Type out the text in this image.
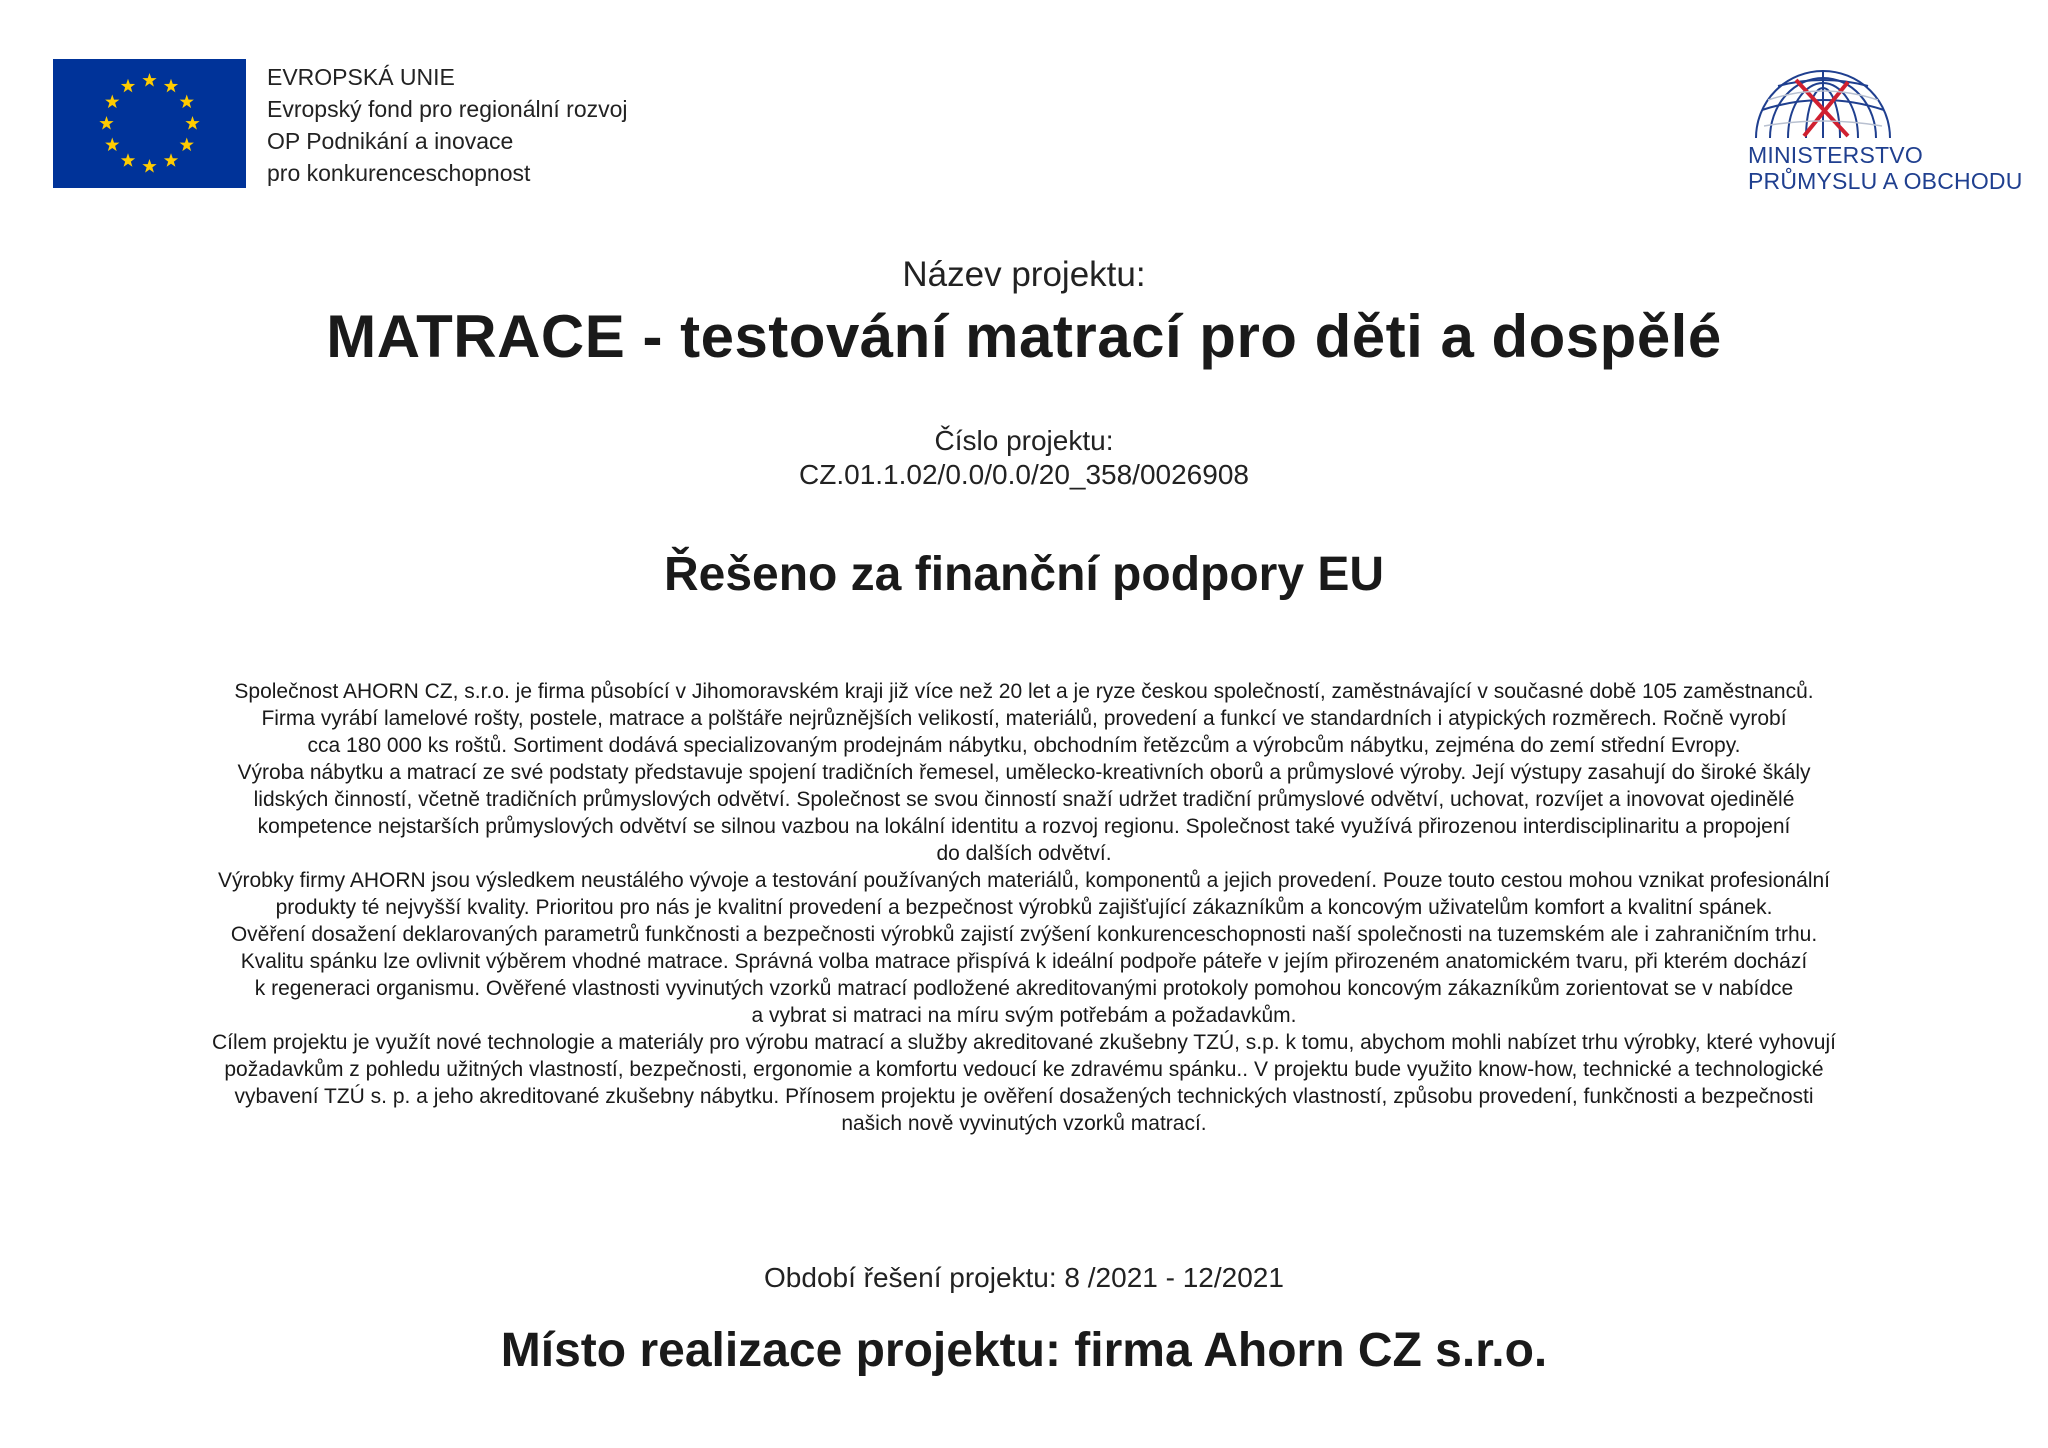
EVROPSKÁ UNIE
Evropský fond pro regionální rozvoj
OP Podnikání a inovace
pro konkurenceschopnost
MINISTERSTVO
PRŮMYSLU A OBCHODU
Název projektu:
MATRACE - testování matrací pro děti a dospělé
Číslo projektu:
CZ.01.1.02/0.0/0.0/20_358/0026908
Řešeno za finanční podpory EU
Společnost AHORN CZ, s.r.o. je firma působící v Jihomoravském kraji již více než 20 let a je ryze českou společností, zaměstnávající v současné době 105 zaměstnanců.
Firma vyrábí lamelové rošty, postele, matrace a polštáře nejrůznějších velikostí, materiálů, provedení a funkcí ve standardních i atypických rozměrech. Ročně vyrobí
cca 180 000 ks roštů. Sortiment dodává specializovaným prodejnám nábytku, obchodním řetězcům a výrobcům nábytku, zejména do zemí střední Evropy.
Výroba nábytku a matrací ze své podstaty představuje spojení tradičních řemesel, umělecko-kreativních oborů a průmyslové výroby. Její výstupy zasahují do široké škály
lidských činností, včetně tradičních průmyslových odvětví. Společnost se svou činností snaží udržet tradiční průmyslové odvětví, uchovat, rozvíjet a inovovat ojedinělé
kompetence nejstarších průmyslových odvětví se silnou vazbou na lokální identitu a rozvoj regionu. Společnost také využívá přirozenou interdisciplinaritu a propojení
do dalších odvětví.
Výrobky firmy AHORN jsou výsledkem neustálého vývoje a testování používaných materiálů, komponentů a jejich provedení. Pouze touto cestou mohou vznikat profesionální
produkty té nejvyšší kvality. Prioritou pro nás je kvalitní provedení a bezpečnost výrobků zajišťující zákazníkům a koncovým uživatelům komfort a kvalitní spánek.
Ověření dosažení deklarovaných parametrů funkčnosti a bezpečnosti výrobků zajistí zvýšení konkurenceschopnosti naší společnosti na tuzemském ale i zahraničním trhu.
Kvalitu spánku lze ovlivnit výběrem vhodné matrace. Správná volba matrace přispívá k ideální podpoře páteře v jejím přirozeném anatomickém tvaru, při kterém dochází
k regeneraci organismu. Ověřené vlastnosti vyvinutých vzorků matrací podložené akreditovanými protokoly pomohou koncovým zákazníkům zorientovat se v nabídce
a vybrat si matraci na míru svým potřebám a požadavkům.
Cílem projektu je využít nové technologie a materiály pro výrobu matrací a služby akreditované zkušebny TZÚ, s.p. k tomu, abychom mohli nabízet trhu výrobky, které vyhovují
požadavkům z pohledu užitných vlastností, bezpečnosti, ergonomie a komfortu vedoucí ke zdravému spánku.. V projektu bude využito know-how, technické a technologické
vybavení TZÚ s. p. a jeho akreditované zkušebny nábytku. Přínosem projektu je ověření dosažených technických vlastností, způsobu provedení, funkčnosti a bezpečnosti
našich nově vyvinutých vzorků matrací.
Období řešení projektu: 8 /2021 - 12/2021
Místo realizace projektu: firma Ahorn CZ s.r.o.
